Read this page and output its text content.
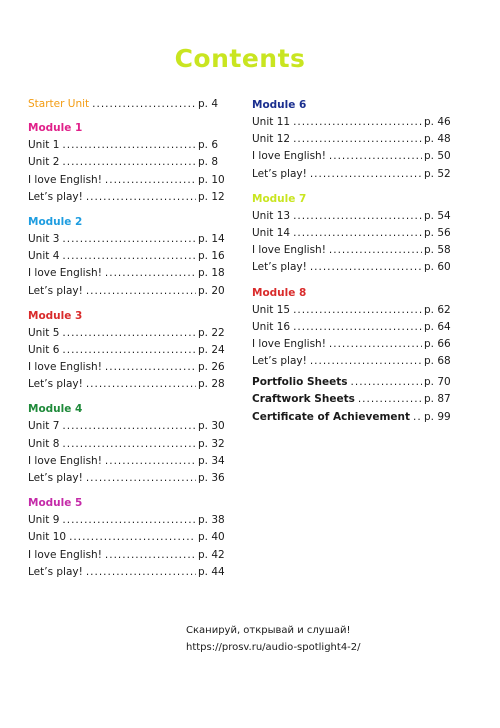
Contents
Starter Unit .....	p. 4
Module 1
Unit 1 .....	p. 6
Unit 2 .....	p. 8
I love English! .....	p. 10
Let’s play! .....	p. 12
Module 2
Unit 3 .....	p. 14
Unit 4 .....	p. 16
I love English! .....	p. 18
Let’s play! .....	p. 20
Module 3
Unit 5 .....	p. 22
Unit 6 .....	p. 24
I love English! .....	p. 26
Let’s play! .....	p. 28
Module 4
Unit 7 .....	p. 30
Unit 8 .....	p. 32
I love English! .....	p. 34
Let’s play! .....	p. 36
Module 5
Unit 9 .....	p. 38
Unit 10 .....	p. 40
I love English! .....	p. 42
Let’s play! .....	p. 44
Module 6
Unit 11 .....	p. 46
Unit 12 .....	p. 48
I love English! .....	p. 50
Let’s play! .....	p. 52
Module 7
Unit 13 .....	p. 54
Unit 14 .....	p. 56
I love English! .....	p. 58
Let’s play! .....	p. 60
Module 8
Unit 15 .....	p. 62
Unit 16 .....	p. 64
I love English! .....	p. 66
Let’s play! .....	p. 68
Portfolio Sheets .....	p. 70
Craftwork Sheets .....	p. 87
Certificate of Achievement ..... p. 99
Сканируй, открывай и слушай!
https://prosv.ru/audio-spotlight4-2/
